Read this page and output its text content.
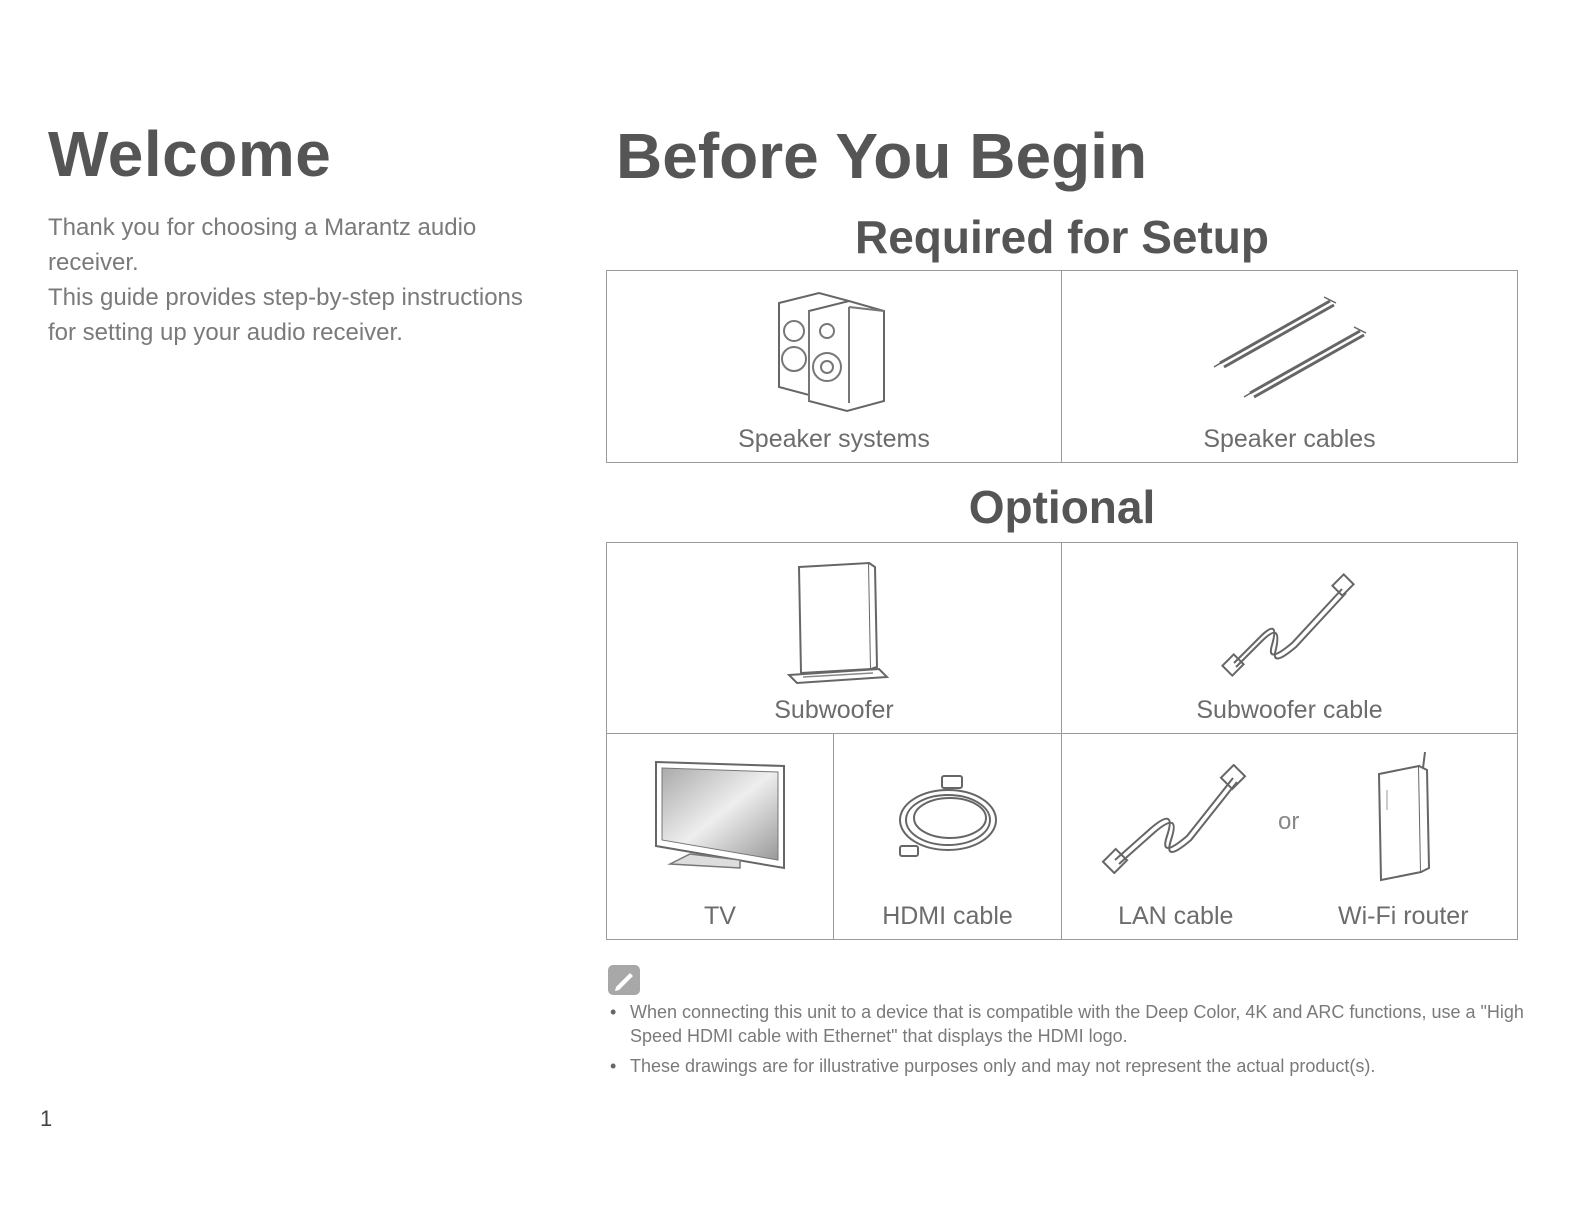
Welcome

Thank you for choosing a Marantz audio receiver.

This guide provides step-by-step instructions for setting up your audio receiver.

1
Before You Begin
Required for Setup
Speaker systems	Speaker cables
Optional
Subwoofer	Subwoofer cable
TV	HDMI cable	LAN cable	Wi-Fi router
or
• When connecting this unit to a device that is compatible with the Deep Color, 4K and ARC functions, use a "High Speed HDMI cable with Ethernet" that displays the HDMI logo.
• These drawings are for illustrative purposes only and may not represent the actual product(s).
